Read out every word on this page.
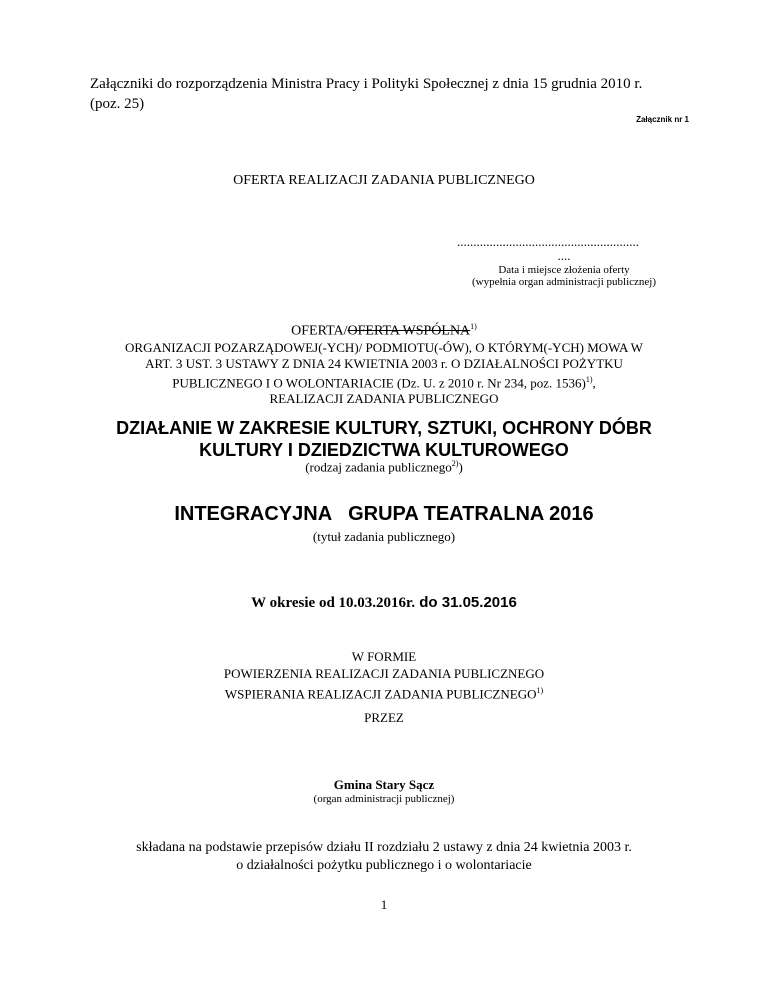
Załączniki do rozporządzenia Ministra Pracy i Polityki Społecznej z dnia 15 grudnia 2010 r.
(poz. 25)
Załącznik nr 1
OFERTA REALIZACJI ZADANIA PUBLICZNEGO
........................................................
....
Data i miejsce złożenia oferty
(wypełnia organ administracji publicznej)
OFERTA/OFERTA WSPÓLNA$^{1)}$
ORGANIZACJI POZARZĄDOWEJ(-YCH)/ PODMIOTU(-ÓW), O KTÓRYM(-YCH) MOWA W
ART. 3 UST. 3 USTAWY Z DNIA 24 KWIETNIA 2003 r. O DZIAŁALNOŚCI POŻYTKU
PUBLICZNEGO I O WOLONTARIACIE (Dz. U. z 2010 r. Nr 234, poz. 1536)$^{1)}$,
REALIZACJI ZADANIA PUBLICZNEGO
DZIAŁANIE W ZAKRESIE KULTURY, SZTUKI, OCHRONY DÓBR
KULTURY I DZIEDZICTWA KULTUROWEGO
(rodzaj zadania publicznego$^{2)}$)
INTEGRACYJNA   GRUPA TEATRALNA 2016
(tytuł zadania publicznego)
W okresie od 10.03.2016r. do 31.05.2016
W FORMIE
POWIERZENIA REALIZACJI ZADANIA PUBLICZNEGO
WSPIERANIA REALIZACJI ZADANIA PUBLICZNEGO$^{1)}$
PRZEZ
Gmina Stary Sącz
(organ administracji publicznej)
składana na podstawie przepisów działu II rozdziału 2 ustawy z dnia 24 kwietnia 2003 r.
o działalności pożytku publicznego i o wolontariacie
1
